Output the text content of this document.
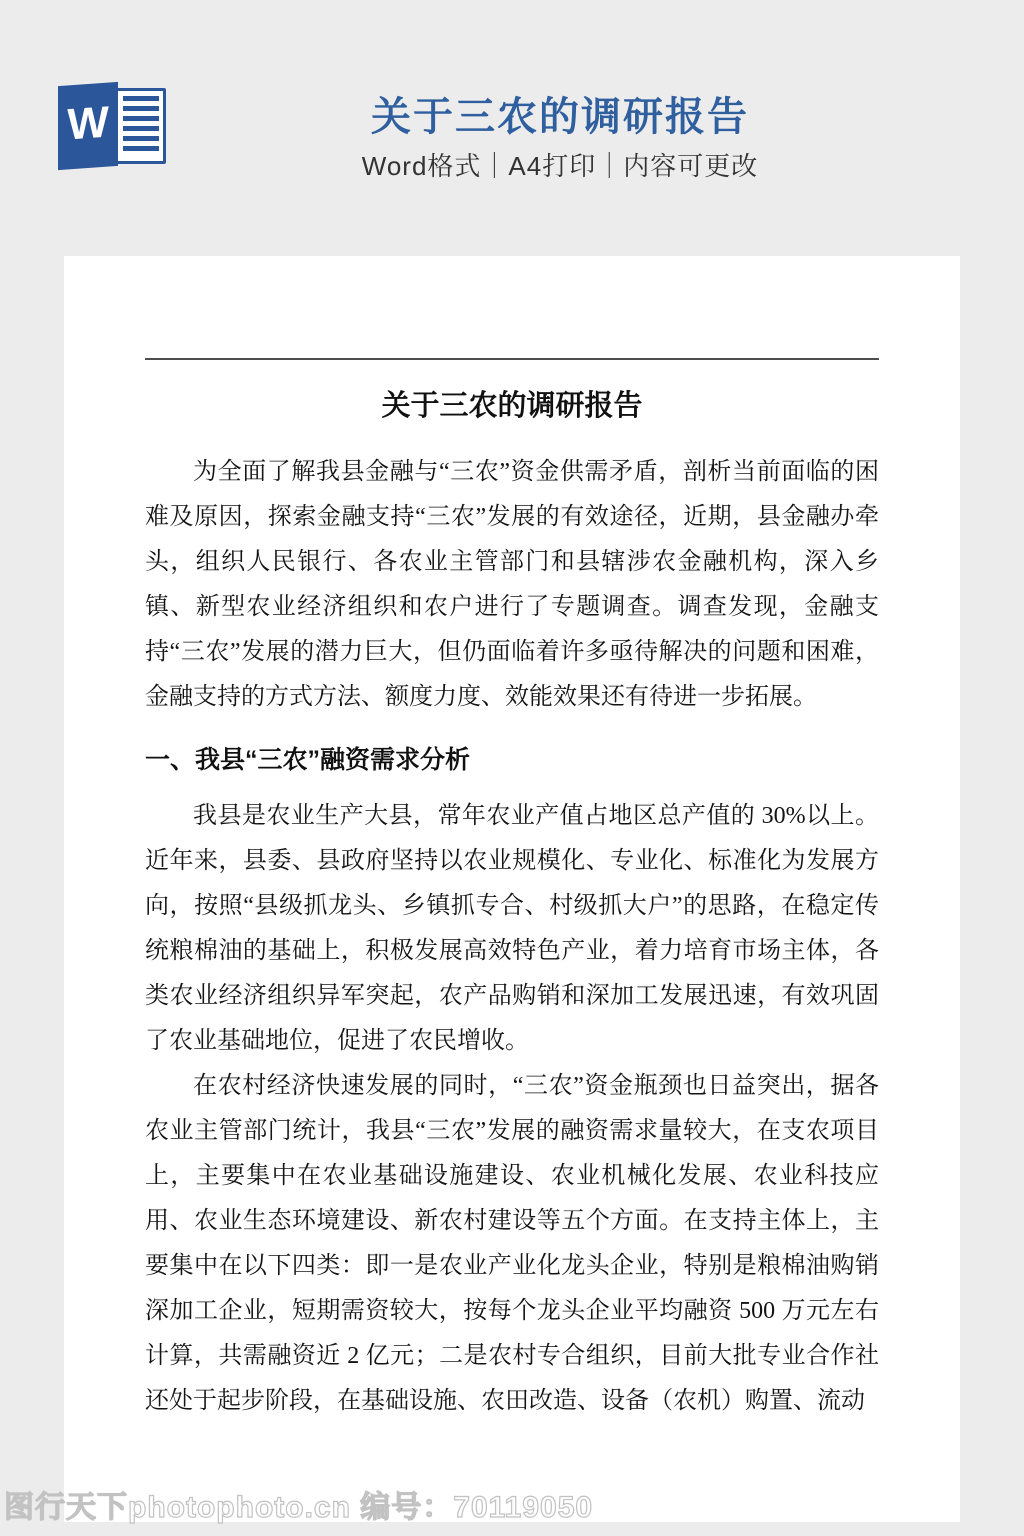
W	关于三农的调研报告
Word格式｜A4打印｜内容可更改
关于三农的调研报告

为全面了解我县金融与“三农”资金供需矛盾，剖析当前面临的困难及原因，探索金融支持“三农”发展的有效途径，近期，县金融办牵头，组织人民银行、各农业主管部门和县辖涉农金融机构，深入乡镇、新型农业经济组织和农户进行了专题调查。调查发现，金融支持“三农”发展的潜力巨大，但仍面临着许多亟待解决的问题和困难，金融支持的方式方法、额度力度、效能效果还有待进一步拓展。

一、我县“三农”融资需求分析

我县是农业生产大县，常年农业产值占地区总产值的 30%以上。近年来，县委、县政府坚持以农业规模化、专业化、标准化为发展方向，按照“县级抓龙头、乡镇抓专合、村级抓大户”的思路，在稳定传统粮棉油的基础上，积极发展高效特色产业，着力培育市场主体，各类农业经济组织异军突起，农产品购销和深加工发展迅速，有效巩固了农业基础地位，促进了农民增收。

在农村经济快速发展的同时，“三农”资金瓶颈也日益突出，据各农业主管部门统计，我县“三农”发展的融资需求量较大，在支农项目上，主要集中在农业基础设施建设、农业机械化发展、农业科技应用、农业生态环境建设、新农村建设等五个方面。在支持主体上，主要集中在以下四类：即一是农业产业化龙头企业，特别是粮棉油购销深加工企业，短期需资较大，按每个龙头企业平均融资 500 万元左右计算，共需融资近 2 亿元；二是农村专合组织，目前大批专业合作社还处于起步阶段，在基础设施、农田改造、设备（农机）购置、流动

图行天下photophoto.cn 编号：70119050
